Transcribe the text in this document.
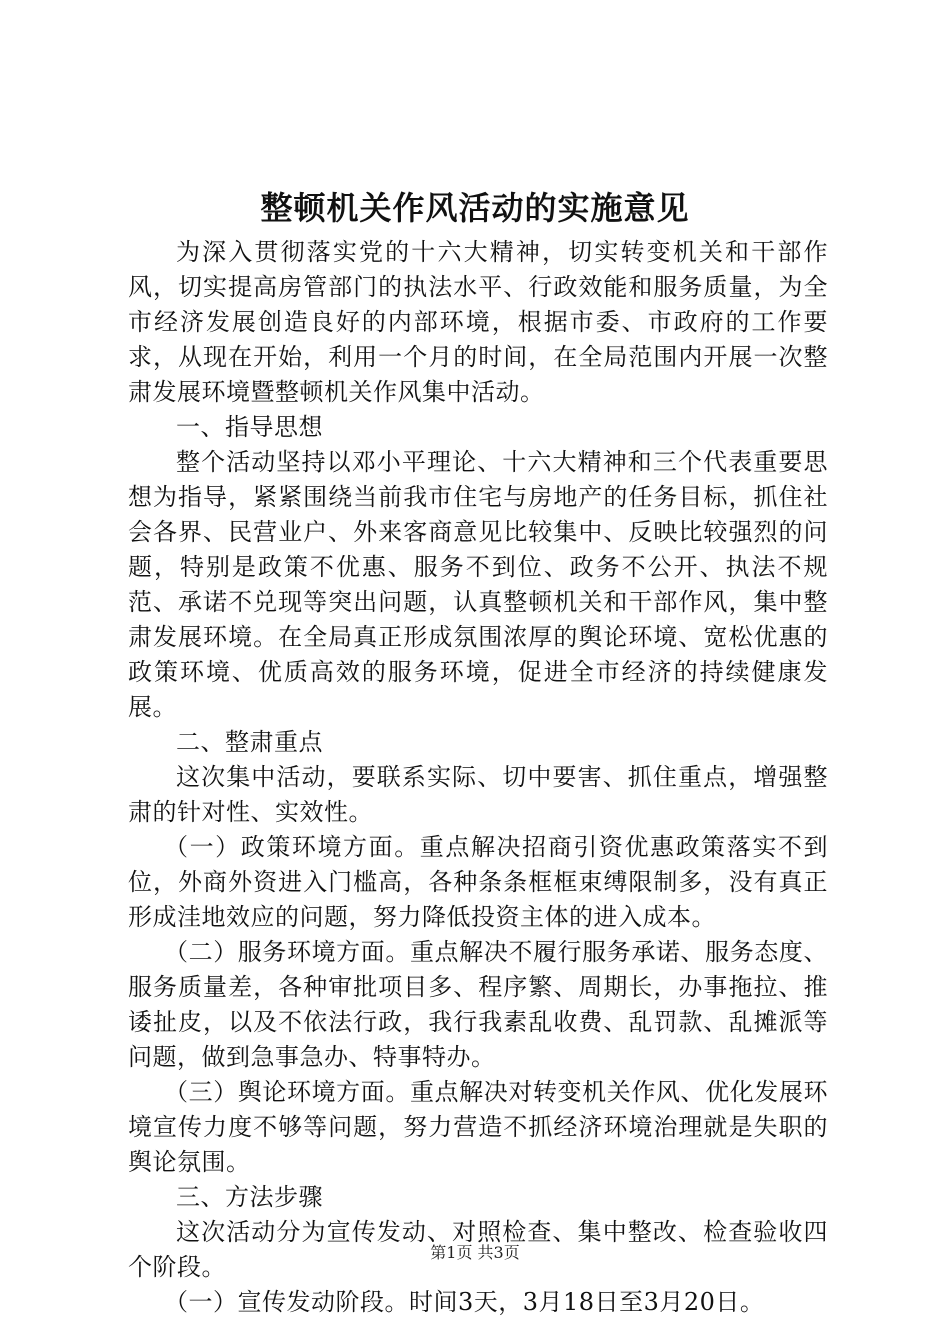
整顿机关作风活动的实施意见

为深入贯彻落实党的十六大精神，切实转变机关和干部作风，切实提高房管部门的执法水平、行政效能和服务质量，为全市经济发展创造良好的内部环境，根据市委、市政府的工作要求，从现在开始，利用一个月的时间，在全局范围内开展一次整肃发展环境暨整顿机关作风集中活动。

一、指导思想

整个活动坚持以邓小平理论、十六大精神和三个代表重要思想为指导，紧紧围绕当前我市住宅与房地产的任务目标，抓住社会各界、民营业户、外来客商意见比较集中、反映比较强烈的问题，特别是政策不优惠、服务不到位、政务不公开、执法不规范、承诺不兑现等突出问题，认真整顿机关和干部作风，集中整肃发展环境。在全局真正形成氛围浓厚的舆论环境、宽松优惠的政策环境、优质高效的服务环境，促进全市经济的持续健康发展。

二、整肃重点

这次集中活动，要联系实际、切中要害、抓住重点，增强整肃的针对性、实效性。

（一）政策环境方面。重点解决招商引资优惠政策落实不到位，外商外资进入门槛高，各种条条框框束缚限制多，没有真正形成洼地效应的问题，努力降低投资主体的进入成本。

（二）服务环境方面。重点解决不履行服务承诺、服务态度、服务质量差，各种审批项目多、程序繁、周期长，办事拖拉、推诿扯皮，以及不依法行政，我行我素乱收费、乱罚款、乱摊派等问题，做到急事急办、特事特办。

（三）舆论环境方面。重点解决对转变机关作风、优化发展环境宣传力度不够等问题，努力营造不抓经济环境治理就是失职的舆论氛围。

三、方法步骤

这次活动分为宣传发动、对照检查、集中整改、检查验收四个阶段。

（一）宣传发动阶段。时间3天，3月18日至3月20日。

第1页 共3页
